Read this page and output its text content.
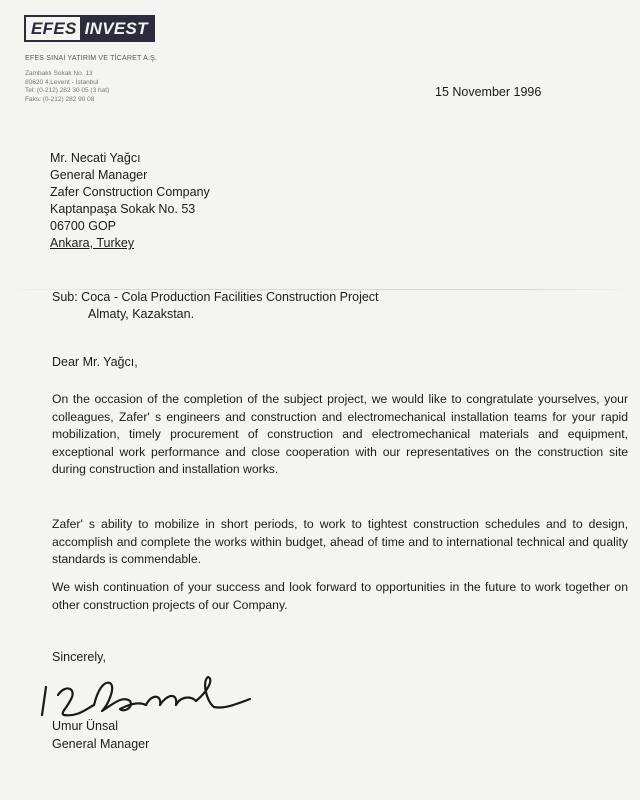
EFES INVEST
EFES SINAİ YATIRIM VE TİCARET A.Ş.
Zambaklı Sokak No. 13
80620 4.Levent - İstanbul
Tel: (0-212) 282 30 05 (3 hat)
Faks: (0-212) 282 90 08
15 November 1996
Mr. Necati Yağcı
General Manager
Zafer Construction Company
Kaptanpaşa Sokak No. 53
06700 GOP
Ankara, Turkey
Sub: Coca - Cola Production Facilities Construction Project
Almaty, Kazakstan.
Dear Mr. Yağcı,

On the occasion of the completion of the subject project, we would like to congratulate yourselves, your colleagues, Zafer' s engineers and construction and electromechanical installation teams for your rapid mobilization, timely procurement of construction and electromechanical materials and equipment, exceptional work performance and close cooperation with our representatives on the construction site during construction and installation works.

Zafer' s ability to mobilize in short periods, to work to tightest construction schedules and to design, accomplish and complete the works within budget, ahead of time and to international technical and quality standards is commendable.

We wish continuation of your success and look forward to opportunities in the future to work together on other construction projects of our Company.

Sincerely,
Umur Ünsal
General Manager
